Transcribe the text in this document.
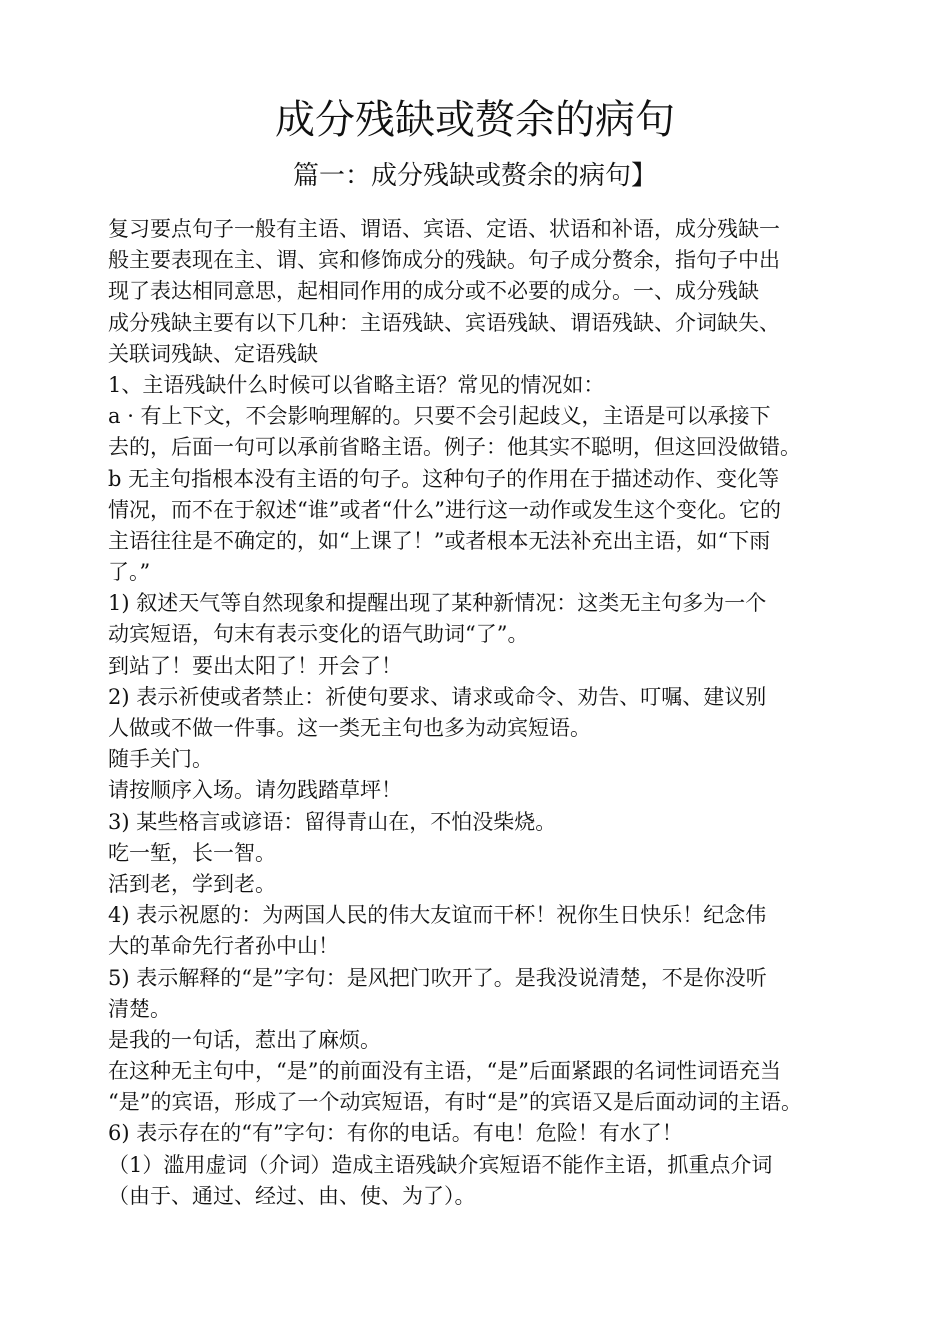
成分残缺或赘余的病句
篇一：成分残缺或赘余的病句】
复习要点句子一般有主语、谓语、宾语、定语、状语和补语，成分残缺一
般主要表现在主、谓、宾和修饰成分的残缺。句子成分赘余，指句子中出
现了表达相同意思，起相同作用的成分或不必要的成分。一、成分残缺
成分残缺主要有以下几种：主语残缺、宾语残缺、谓语残缺、介词缺失、
关联词残缺、定语残缺
1、主语残缺什么时候可以省略主语？常见的情况如：
a · 有上下文，不会影响理解的。只要不会引起歧义，主语是可以承接下
去的，后面一句可以承前省略主语。例子：他其实不聪明，但这回没做错。
b 无主句指根本没有主语的句子。这种句子的作用在于描述动作、变化等
情况，而不在于叙述“谁”或者“什么”进行这一动作或发生这个变化。它的
主语往往是不确定的，如“上课了！”或者根本无法补充出主语，如“下雨
了。”
1) 叙述天气等自然现象和提醒出现了某种新情况：这类无主句多为一个
动宾短语，句末有表示变化的语气助词“了”。
到站了！要出太阳了！开会了！
2) 表示祈使或者禁止：祈使句要求、请求或命令、劝告、叮嘱、建议别
人做或不做一件事。这一类无主句也多为动宾短语。
随手关门。
请按顺序入场。请勿践踏草坪！
3) 某些格言或谚语：留得青山在，不怕没柴烧。
吃一堑，长一智。
活到老，学到老。
4) 表示祝愿的：为两国人民的伟大友谊而干杯！祝你生日快乐！纪念伟
大的革命先行者孙中山！
5) 表示解释的“是”字句：是风把门吹开了。是我没说清楚，不是你没听
清楚。
是我的一句话，惹出了麻烦。
在这种无主句中，“是”的前面没有主语，“是”后面紧跟的名词性词语充当
“是”的宾语，形成了一个动宾短语，有时“是”的宾语又是后面动词的主语。
6) 表示存在的“有”字句：有你的电话。有电！危险！有水了！
（1）滥用虚词（介词）造成主语残缺介宾短语不能作主语，抓重点介词
（由于、通过、经过、由、使、为了）。
